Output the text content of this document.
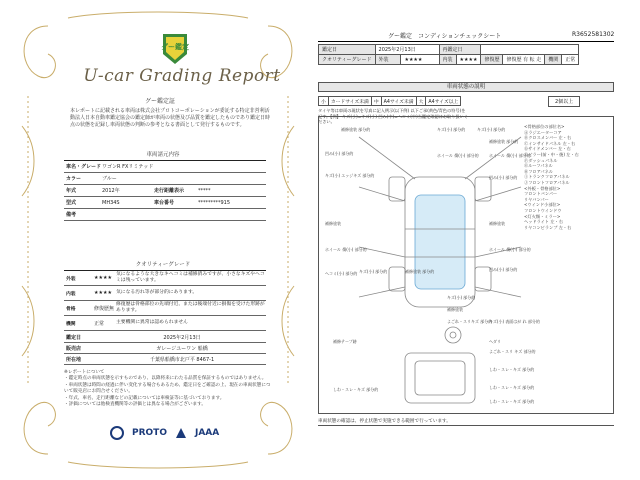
グー鑑定
U-car Grading Report
グー鑑定証
本レポートに記載される車両は株式会社プロトコーポレーションが委託する特定非営利活動法人日本自動車鑑定協会の鑑定師が車両の状態及び品質を鑑定したものであり鑑定日時点の状態を記録し車両状態の判断の参考となる書面として発行するものです。
車両諸元内容
車名・グレード ワゴンR FXリミテッド
カラー	ブルー
年式	2012年	走行距離表示	*****
型式	MH34S	車台番号	*********915
備考
クオリティーグレード
外装	★★★★
気になるような大きなキヘコミは補修済みですが、小さなキズやヘコミは残っています。
内装	★★★★ 気になる汚れ等が部分的にあります。
骨格	修復歴無
修復歴は骨格部位の先端付近、または後端付近に損傷を受けた形跡があります。
機関	正常	主要機関に異常は認められません
鑑定日	2025年2月13日
販売店	ガレージユーワン 船橋
所在地	千葉県船橋市北戸平 8467-1
※レポートについて
・鑑定時点の車両状態を示すものであり、以降将来にわたる品質を保証するものではありません。
・車両状態は時間の経過に伴い変化する場合もあるため、鑑定日をご確認の上、現在の車両状態について販売店にお問合せください。
・年式、車名、走行距離などの記載については車検証等に基づいております。
・評価については他検査機関等の評価とは異なる場合がございます。
PROTO	JAAA
グー鑑定　コンディションチェックシート	R3652581302
鑑定日	2025年2月13日		再鑑定日					
クオリティーグレード	外装	★★★★	内装	★★★★	修復歴	修復歴 有 転 走	機関	正常
車両状態の説明
小	カードサイズ未満	中	A4サイズ未満	大	A4サイズ以上	2個以上
タイヤ等は車両の現状を写真に記入例示(以下例) 以下ご承(黄色/青色の符号)を記す。【例】 キズ(小)=キズ(小) 凹み(中)=ヘコミ(中)当鑑定確認はお取り扱いください。
補修塗装 部分的	キズ(小) 部分的	キズ(小) 部分的
補修塗装 部分的
凹み(小) 部分的	ホイール 傷(小) 部分的	ホイール 傷(小) 部分的
キズ(小) エッジキズ 部分的	凹み(小) 部分的
補修塗装
ホイール 傷(小) 部分的
補修塗装
ホイール 傷(小) 部分的
凹み(小) 部分的
キズ(小) 部分的	補修塗装 部分的
ヘコミ(小) 部分的
キズ(小) 部分的
補修塗装
よごれ・スリキズ 部分的
補修テープ跡
よごれ・スリ キズ 部分的
しわ・スレ・キズ 部分的
しわ・スレ・キズ 部分的	しわ・スレ・キズ 部分的
キズ(小) 表面はが れ 部分的
しわ・スレ・キズ 部分的
ヘダリ
<骨格部位の部位名>
Ⓐラジエーターコア
Ⓑクロスメンバー 左・右
Ⓒインサイドパネル 左・右
Ⓓサイドメンバー 左・右
Ⓔピラー(前・中・後) 左・右
Ⓕダッシュパネル
Ⓖルーフパネル
Ⓗフロアパネル
Ⓘトランクフロアパネル
Ⓙフロントフロアパネル
<外板・骨格部位>
フロントバンパー
リヤバンパー
<ウインド小部位>
フロントウインドウ
<灯火類・ミラー>
ヘッドライト 左・右
リヤコンビランプ 左・右
車両状態の確認は、停止状態で実施できる範囲で行っています。
